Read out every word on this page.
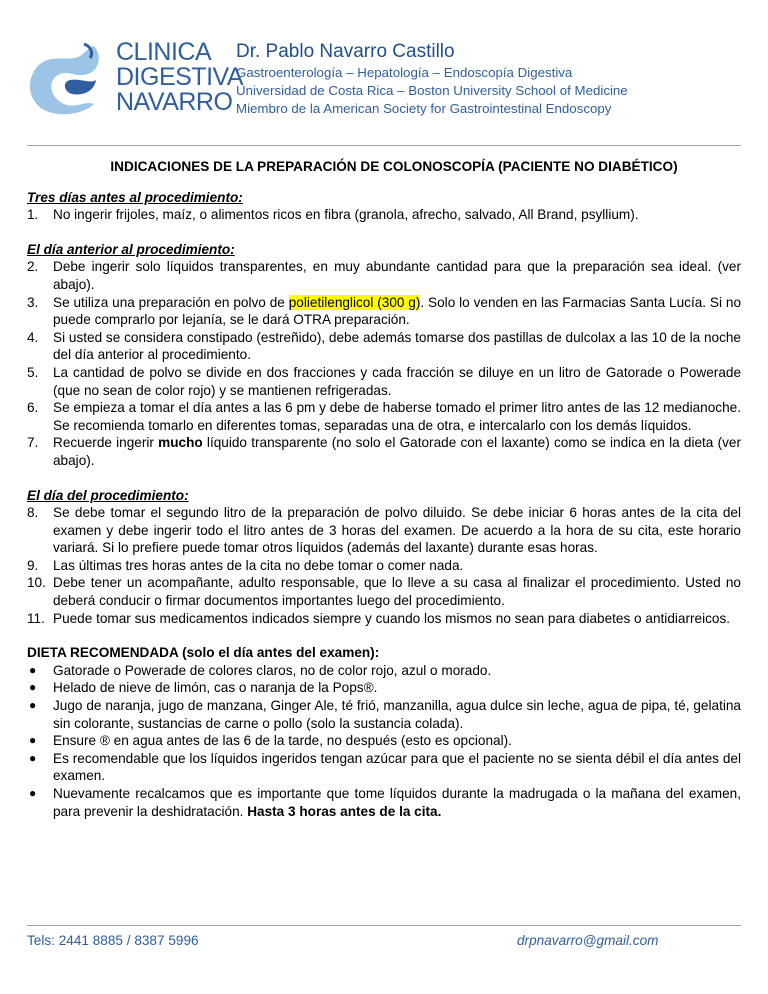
CLINICA
DIGESTIVA
NAVARRO
Dr. Pablo Navarro Castillo
Gastroenterología – Hepatología – Endoscopía Digestiva
Universidad de Costa Rica – Boston University School of Medicine
Miembro de la American Society for Gastrointestinal Endoscopy

INDICACIONES DE LA PREPARACIÓN DE COLONOSCOPÍA (PACIENTE NO DIABÉTICO)

Tres días antes al procedimiento:

1. No ingerir frijoles, maíz, o alimentos ricos en fibra (granola, afrecho, salvado, All Brand, psyllium).

El día anterior al procedimiento:

2. Debe ingerir solo líquidos transparentes, en muy abundante cantidad para que la preparación sea ideal. (ver abajo).
3. Se utiliza una preparación en polvo de polietilenglicol (300 g). Solo lo venden en las Farmacias Santa Lucía. Si no puede comprarlo por lejanía, se le dará OTRA preparación.
4. Si usted se considera constipado (estreñido), debe además tomarse dos pastillas de dulcolax a las 10 de la noche del día anterior al procedimiento.
5. La cantidad de polvo se divide en dos fracciones y cada fracción se diluye en un litro de Gatorade o Powerade (que no sean de color rojo) y se mantienen refrigeradas.
6. Se empieza a tomar el día antes a las 6 pm y debe de haberse tomado el primer litro antes de las 12 medianoche. Se recomienda tomarlo en diferentes tomas, separadas una de otra, e intercalarlo con los demás líquidos.
7. Recuerde ingerir mucho líquido transparente (no solo el Gatorade con el laxante) como se indica en la dieta (ver abajo).

El día del procedimiento:

8. Se debe tomar el segundo litro de la preparación de polvo diluido. Se debe iniciar 6 horas antes de la cita del examen y debe ingerir todo el litro antes de 3 horas del examen. De acuerdo a la hora de su cita, este horario variará. Si lo prefiere puede tomar otros líquidos (además del laxante) durante esas horas.
9. Las últimas tres horas antes de la cita no debe tomar o comer nada.
10. Debe tener un acompañante, adulto responsable, que lo lleve a su casa al finalizar el procedimiento. Usted no deberá conducir o firmar documentos importantes luego del procedimiento.
11. Puede tomar sus medicamentos indicados siempre y cuando los mismos no sean para diabetes o antidiarreicos.

DIETA RECOMENDADA (solo el día antes del examen):

● Gatorade o Powerade de colores claros, no de color rojo, azul o morado.
● Helado de nieve de limón, cas o naranja de la Pops®.
● Jugo de naranja, jugo de manzana, Ginger Ale, té frió, manzanilla, agua dulce sin leche, agua de pipa, té, gelatina sin colorante, sustancias de carne o pollo (solo la sustancia colada).
● Ensure ® en agua antes de las 6 de la tarde, no después (esto es opcional).
● Es recomendable que los líquidos ingeridos tengan azúcar para que el paciente no se sienta débil el día antes del examen.
● Nuevamente recalcamos que es importante que tome líquidos durante la madrugada o la mañana del examen, para prevenir la deshidratación. Hasta 3 horas antes de la cita.
Tels: 2441 8885 / 8387 5996	drpnavarro@gmail.com
